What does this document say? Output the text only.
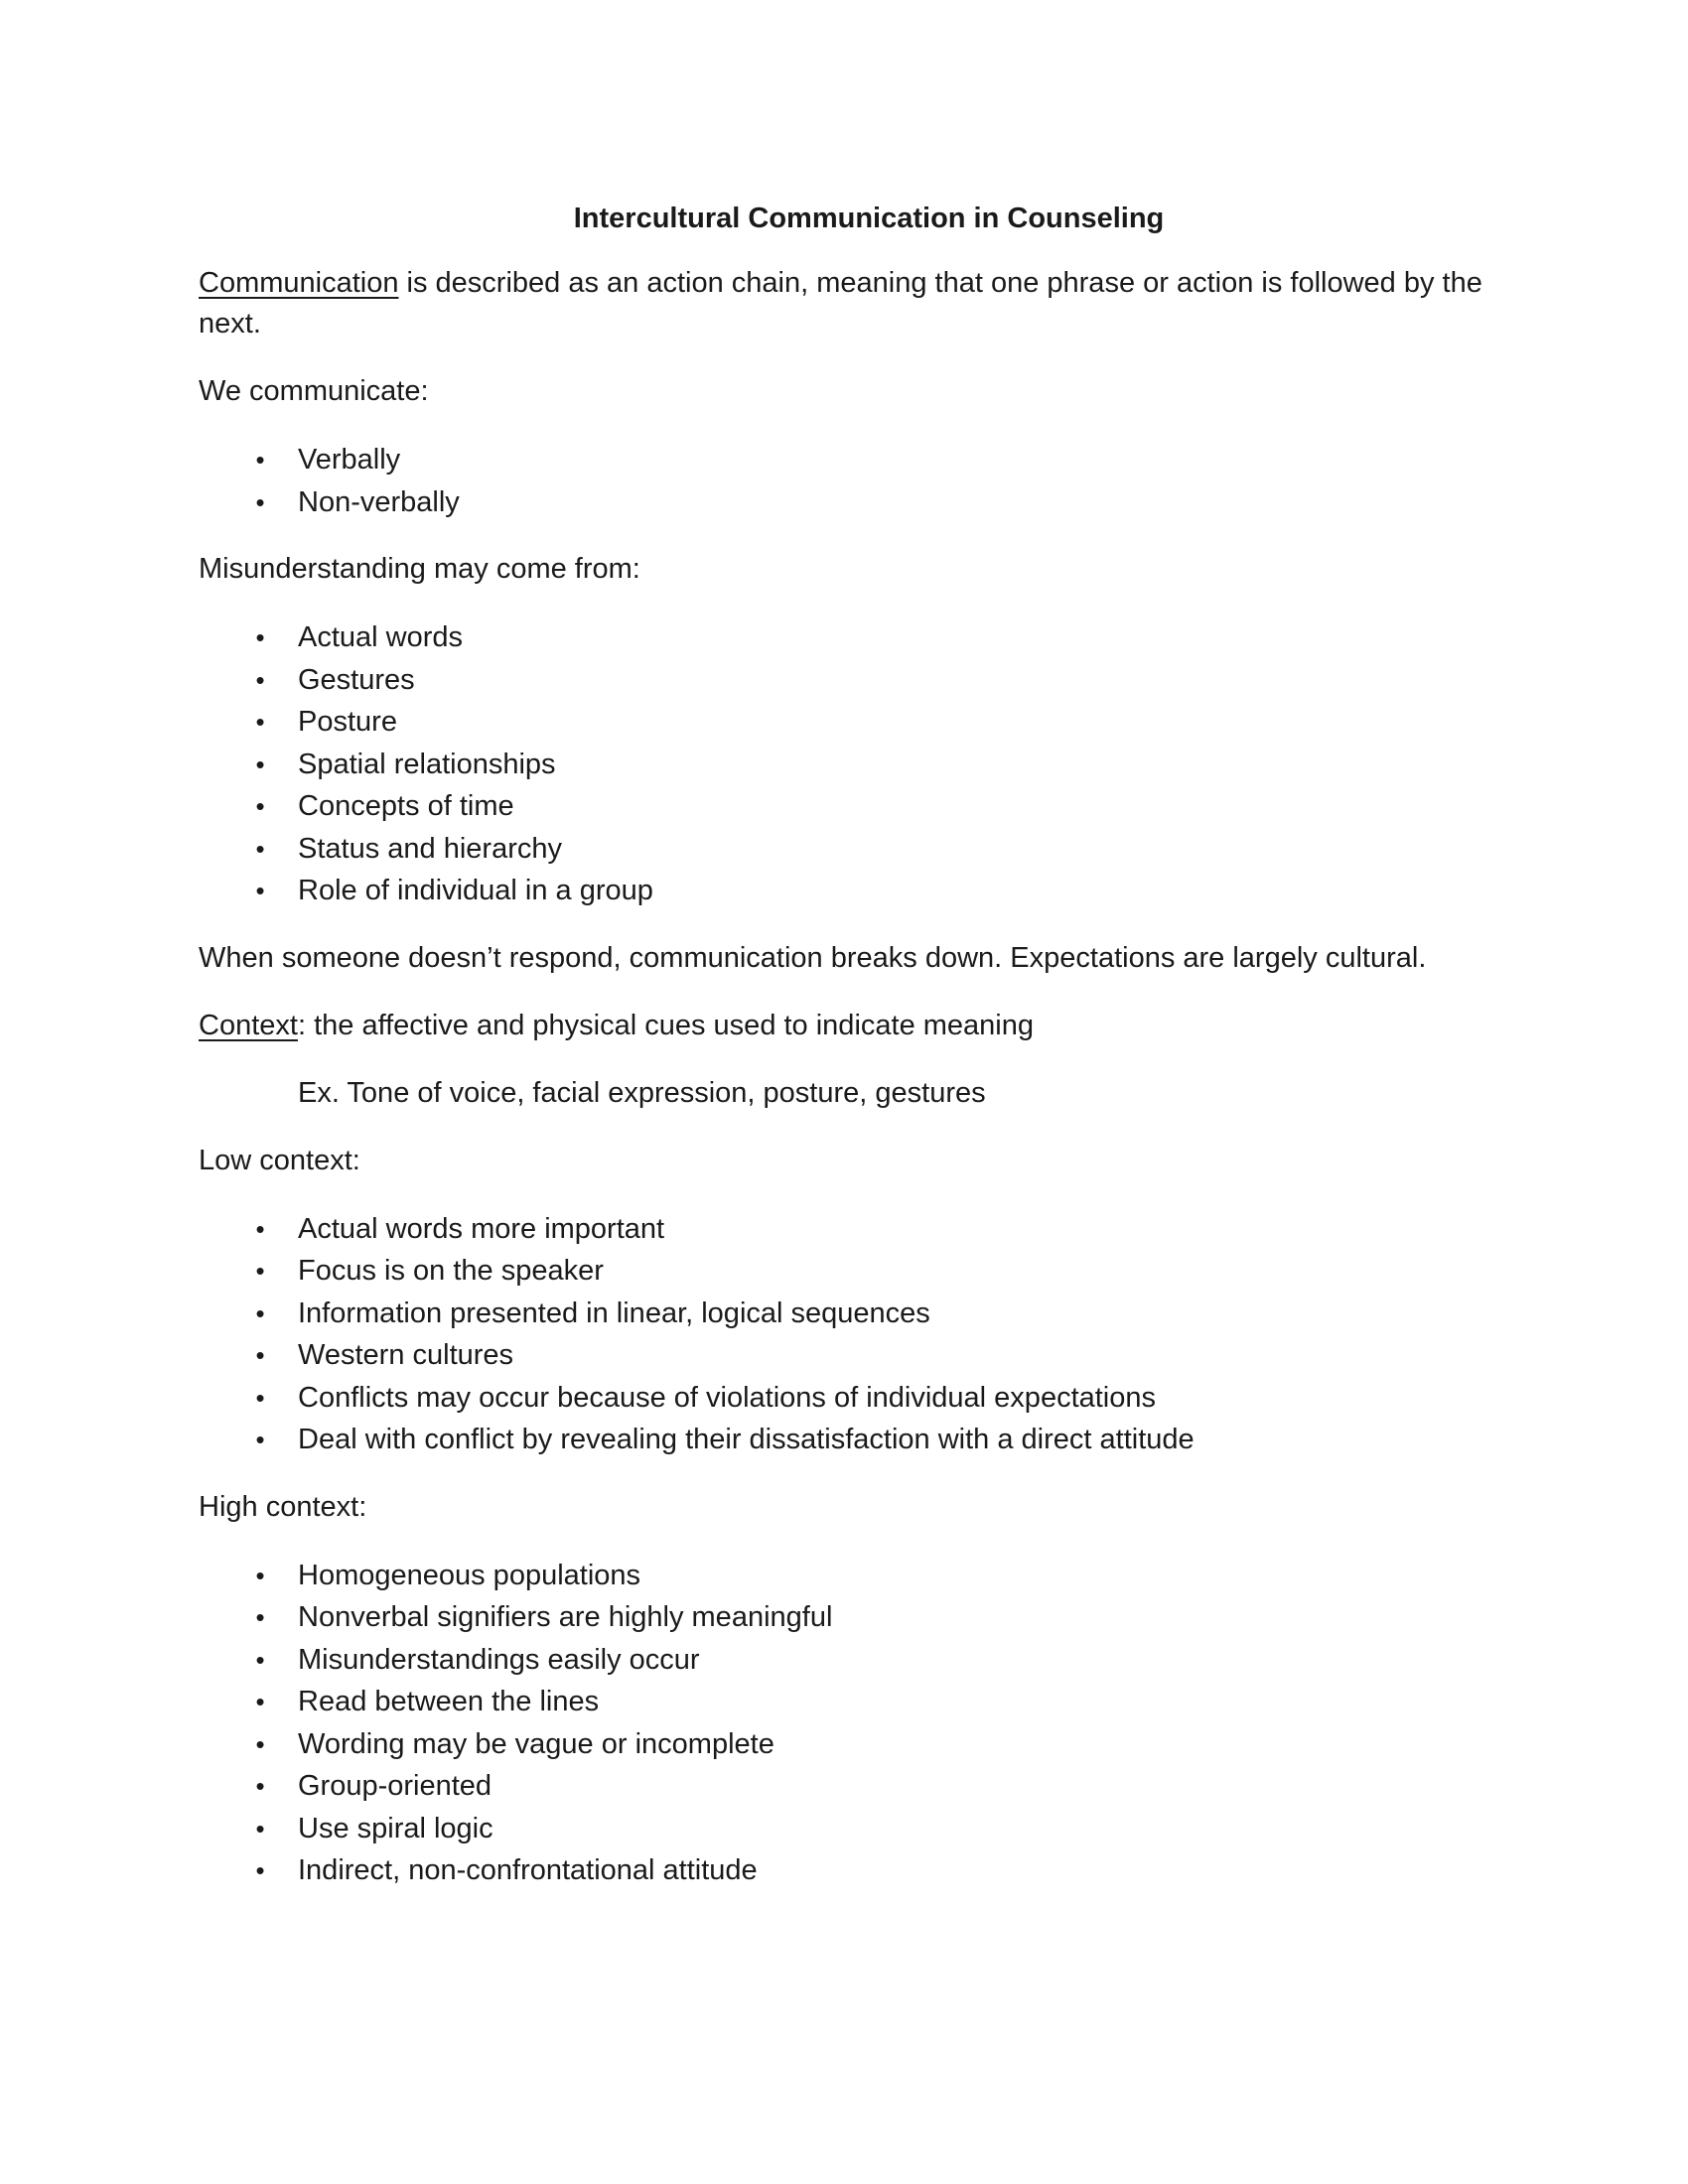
Intercultural Communication in Counseling

Communication is described as an action chain, meaning that one phrase or action is followed by the next.

We communicate:

• Verbally
• Non-verbally

Misunderstanding may come from:

• Actual words
• Gestures
• Posture
• Spatial relationships
• Concepts of time
• Status and hierarchy
• Role of individual in a group

When someone doesn’t respond, communication breaks down. Expectations are largely cultural.

Context: the affective and physical cues used to indicate meaning

Ex. Tone of voice, facial expression, posture, gestures

Low context:

• Actual words more important
• Focus is on the speaker
• Information presented in linear, logical sequences
• Western cultures
• Conflicts may occur because of violations of individual expectations
• Deal with conflict by revealing their dissatisfaction with a direct attitude

High context:

• Homogeneous populations
• Nonverbal signifiers are highly meaningful
• Misunderstandings easily occur
• Read between the lines
• Wording may be vague or incomplete
• Group-oriented
• Use spiral logic
• Indirect, non-confrontational attitude
